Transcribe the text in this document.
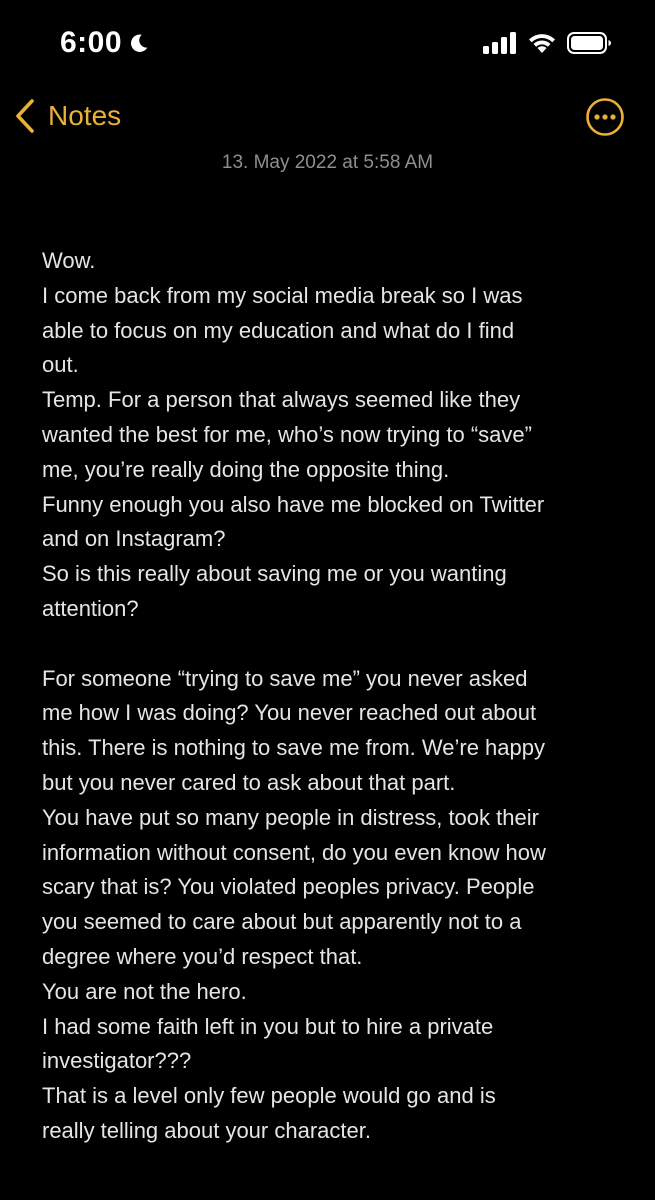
6:00
Notes
13. May 2022 at 5:58 AM
Wow.
I come back from my social media break so I was
able to focus on my education and what do I find
out.
Temp. For a person that always seemed like they
wanted the best for me, who’s now trying to “save”
me, you’re really doing the opposite thing.
Funny enough you also have me blocked on Twitter
and on Instagram?
So is this really about saving me or you wanting
attention?
For someone “trying to save me” you never asked
me how I was doing? You never reached out about
this. There is nothing to save me from. We’re happy
but you never cared to ask about that part.
You have put so many people in distress, took their
information without consent, do you even know how
scary that is? You violated peoples privacy. People
you seemed to care about but apparently not to a
degree where you’d respect that.
You are not the hero.
I had some faith left in you but to hire a private
investigator???
That is a level only few people would go and is
really telling about your character.
